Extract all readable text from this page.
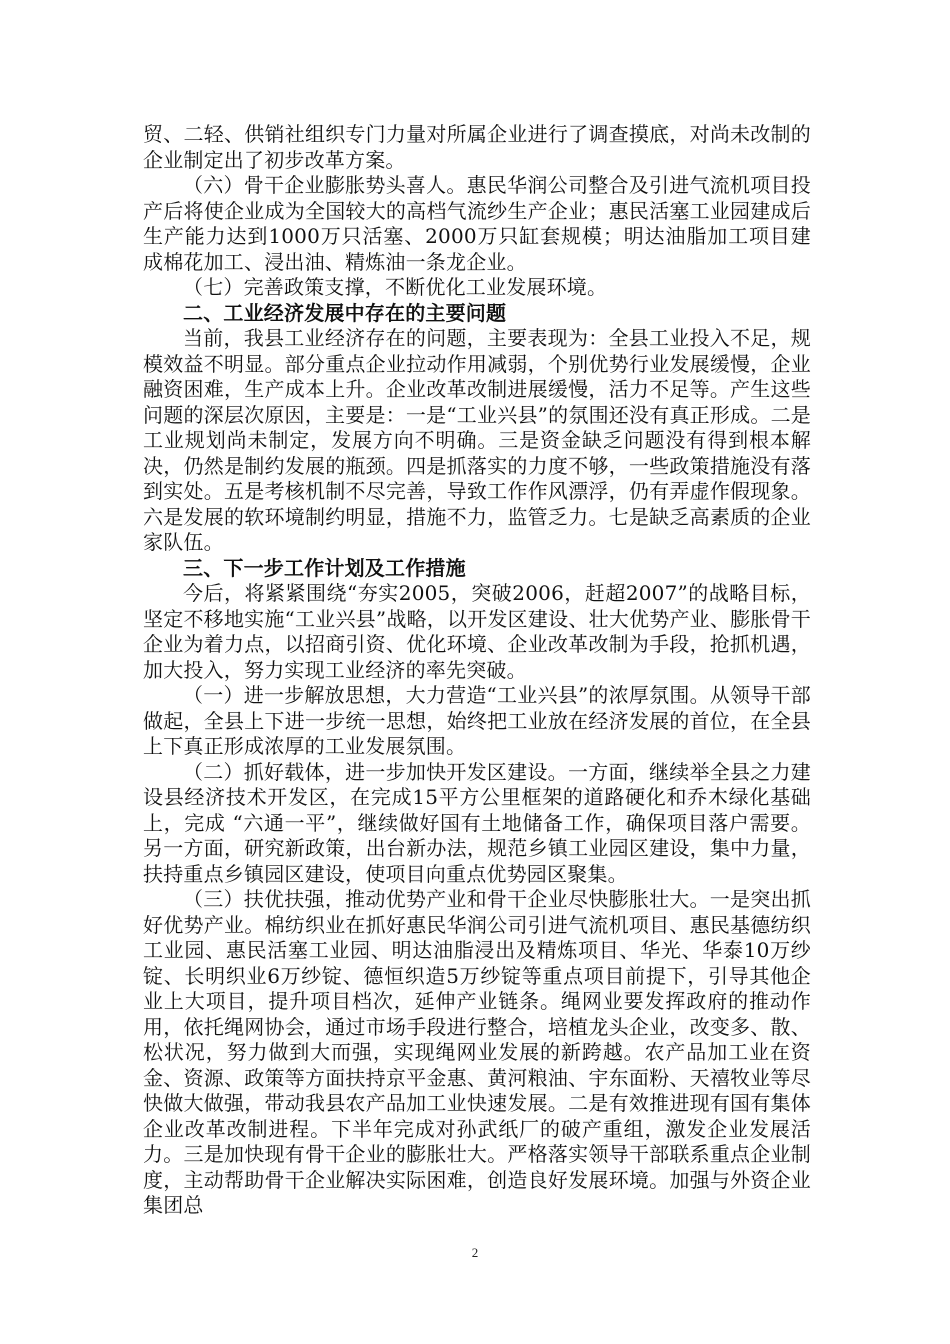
贸、二轻、供销社组织专门力量对所属企业进行了调查摸底，对尚未改制的企业制定出了初步改革方案。

（六）骨干企业膨胀势头喜人。惠民华润公司整合及引进气流机项目投产后将使企业成为全国较大的高档气流纱生产企业；惠民活塞工业园建成后生产能力达到1000万只活塞、2000万只缸套规模；明达油脂加工项目建成棉花加工、浸出油、精炼油一条龙企业。

（七）完善政策支撑，不断优化工业发展环境。

二、工业经济发展中存在的主要问题

当前，我县工业经济存在的问题，主要表现为：全县工业投入不足，规模效益不明显。部分重点企业拉动作用减弱，个别优势行业发展缓慢，企业融资困难，生产成本上升。企业改革改制进展缓慢，活力不足等。产生这些问题的深层次原因，主要是：一是“工业兴县”的氛围还没有真正形成。二是工业规划尚未制定，发展方向不明确。三是资金缺乏问题没有得到根本解决，仍然是制约发展的瓶颈。四是抓落实的力度不够，一些政策措施没有落到实处。五是考核机制不尽完善，导致工作作风漂浮，仍有弄虚作假现象。六是发展的软环境制约明显，措施不力，监管乏力。七是缺乏高素质的企业家队伍。

三、下一步工作计划及工作措施

今后，将紧紧围绕“夯实2005，突破2006，赶超2007”的战略目标，坚定不移地实施“工业兴县”战略，以开发区建设、壮大优势产业、膨胀骨干企业为着力点，以招商引资、优化环境、企业改革改制为手段，抢抓机遇，加大投入，努力实现工业经济的率先突破。

（一）进一步解放思想，大力营造“工业兴县”的浓厚氛围。从领导干部做起，全县上下进一步统一思想，始终把工业放在经济发展的首位，在全县上下真正形成浓厚的工业发展氛围。

（二）抓好载体，进一步加快开发区建设。一方面，继续举全县之力建设县经济技术开发区，在完成15平方公里框架的道路硬化和乔木绿化基础上，完成 “六通一平”，继续做好国有土地储备工作，确保项目落户需要。另一方面，研究新政策，出台新办法，规范乡镇工业园区建设，集中力量，扶持重点乡镇园区建设，使项目向重点优势园区聚集。

（三）扶优扶强，推动优势产业和骨干企业尽快膨胀壮大。一是突出抓好优势产业。棉纺织业在抓好惠民华润公司引进气流机项目、惠民基德纺织工业园、惠民活塞工业园、明达油脂浸出及精炼项目、华光、华泰10万纱锭、长明织业6万纱锭、德恒织造5万纱锭等重点项目前提下，引导其他企业上大项目，提升项目档次，延伸产业链条。绳网业要发挥政府的推动作用，依托绳网协会，通过市场手段进行整合，培植龙头企业，改变多、散、松状况，努力做到大而强，实现绳网业发展的新跨越。农产品加工业在资金、资源、政策等方面扶持京平金惠、黄河粮油、宇东面粉、天禧牧业等尽快做大做强，带动我县农产品加工业快速发展。二是有效推进现有国有集体企业改革改制进程。下半年完成对孙武纸厂的破产重组，激发企业发展活力。三是加快现有骨干企业的膨胀壮大。严格落实领导干部联系重点企业制度，主动帮助骨干企业解决实际困难，创造良好发展环境。加强与外资企业集团总

2
